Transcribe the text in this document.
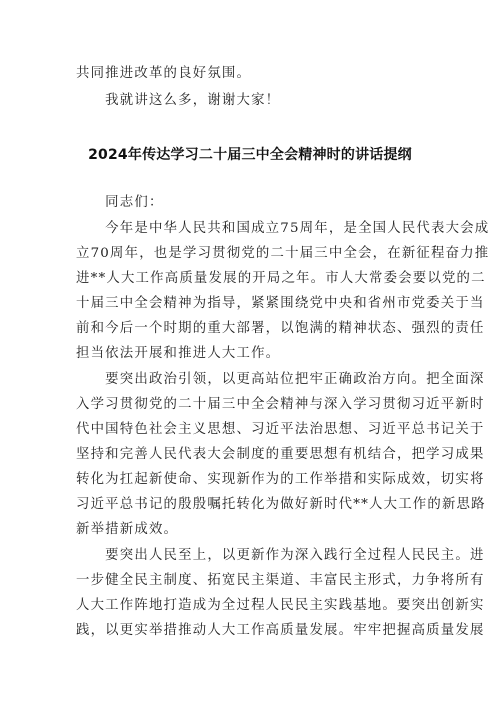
共同推进改革的良好氛围。
　　我就讲这么多，谢谢大家！
2024年传达学习二十届三中全会精神时的讲话提纲
　　同志们：
　　今年是中华人民共和国成立75周年，是全国人民代表大会成
立70周年，也是学习贯彻党的二十届三中全会，在新征程奋力推
进**人大工作高质量发展的开局之年。市人大常委会要以党的二
十届三中全会精神为指导，紧紧围绕党中央和省州市党委关于当
前和今后一个时期的重大部署，以饱满的精神状态、强烈的责任
担当依法开展和推进人大工作。
　　要突出政治引领，以更高站位把牢正确政治方向。把全面深
入学习贯彻党的二十届三中全会精神与深入学习贯彻习近平新时
代中国特色社会主义思想、习近平法治思想、习近平总书记关于
坚持和完善人民代表大会制度的重要思想有机结合，把学习成果
转化为扛起新使命、实现新作为的工作举措和实际成效，切实将
习近平总书记的殷殷嘱托转化为做好新时代**人大工作的新思路
新举措新成效。
　　要突出人民至上，以更新作为深入践行全过程人民民主。进
一步健全民主制度、拓宽民主渠道、丰富民主形式，力争将所有
人大工作阵地打造成为全过程人民民主实践基地。要突出创新实
践，以更实举措推动人大工作高质量发展。牢牢把握高质量发展
